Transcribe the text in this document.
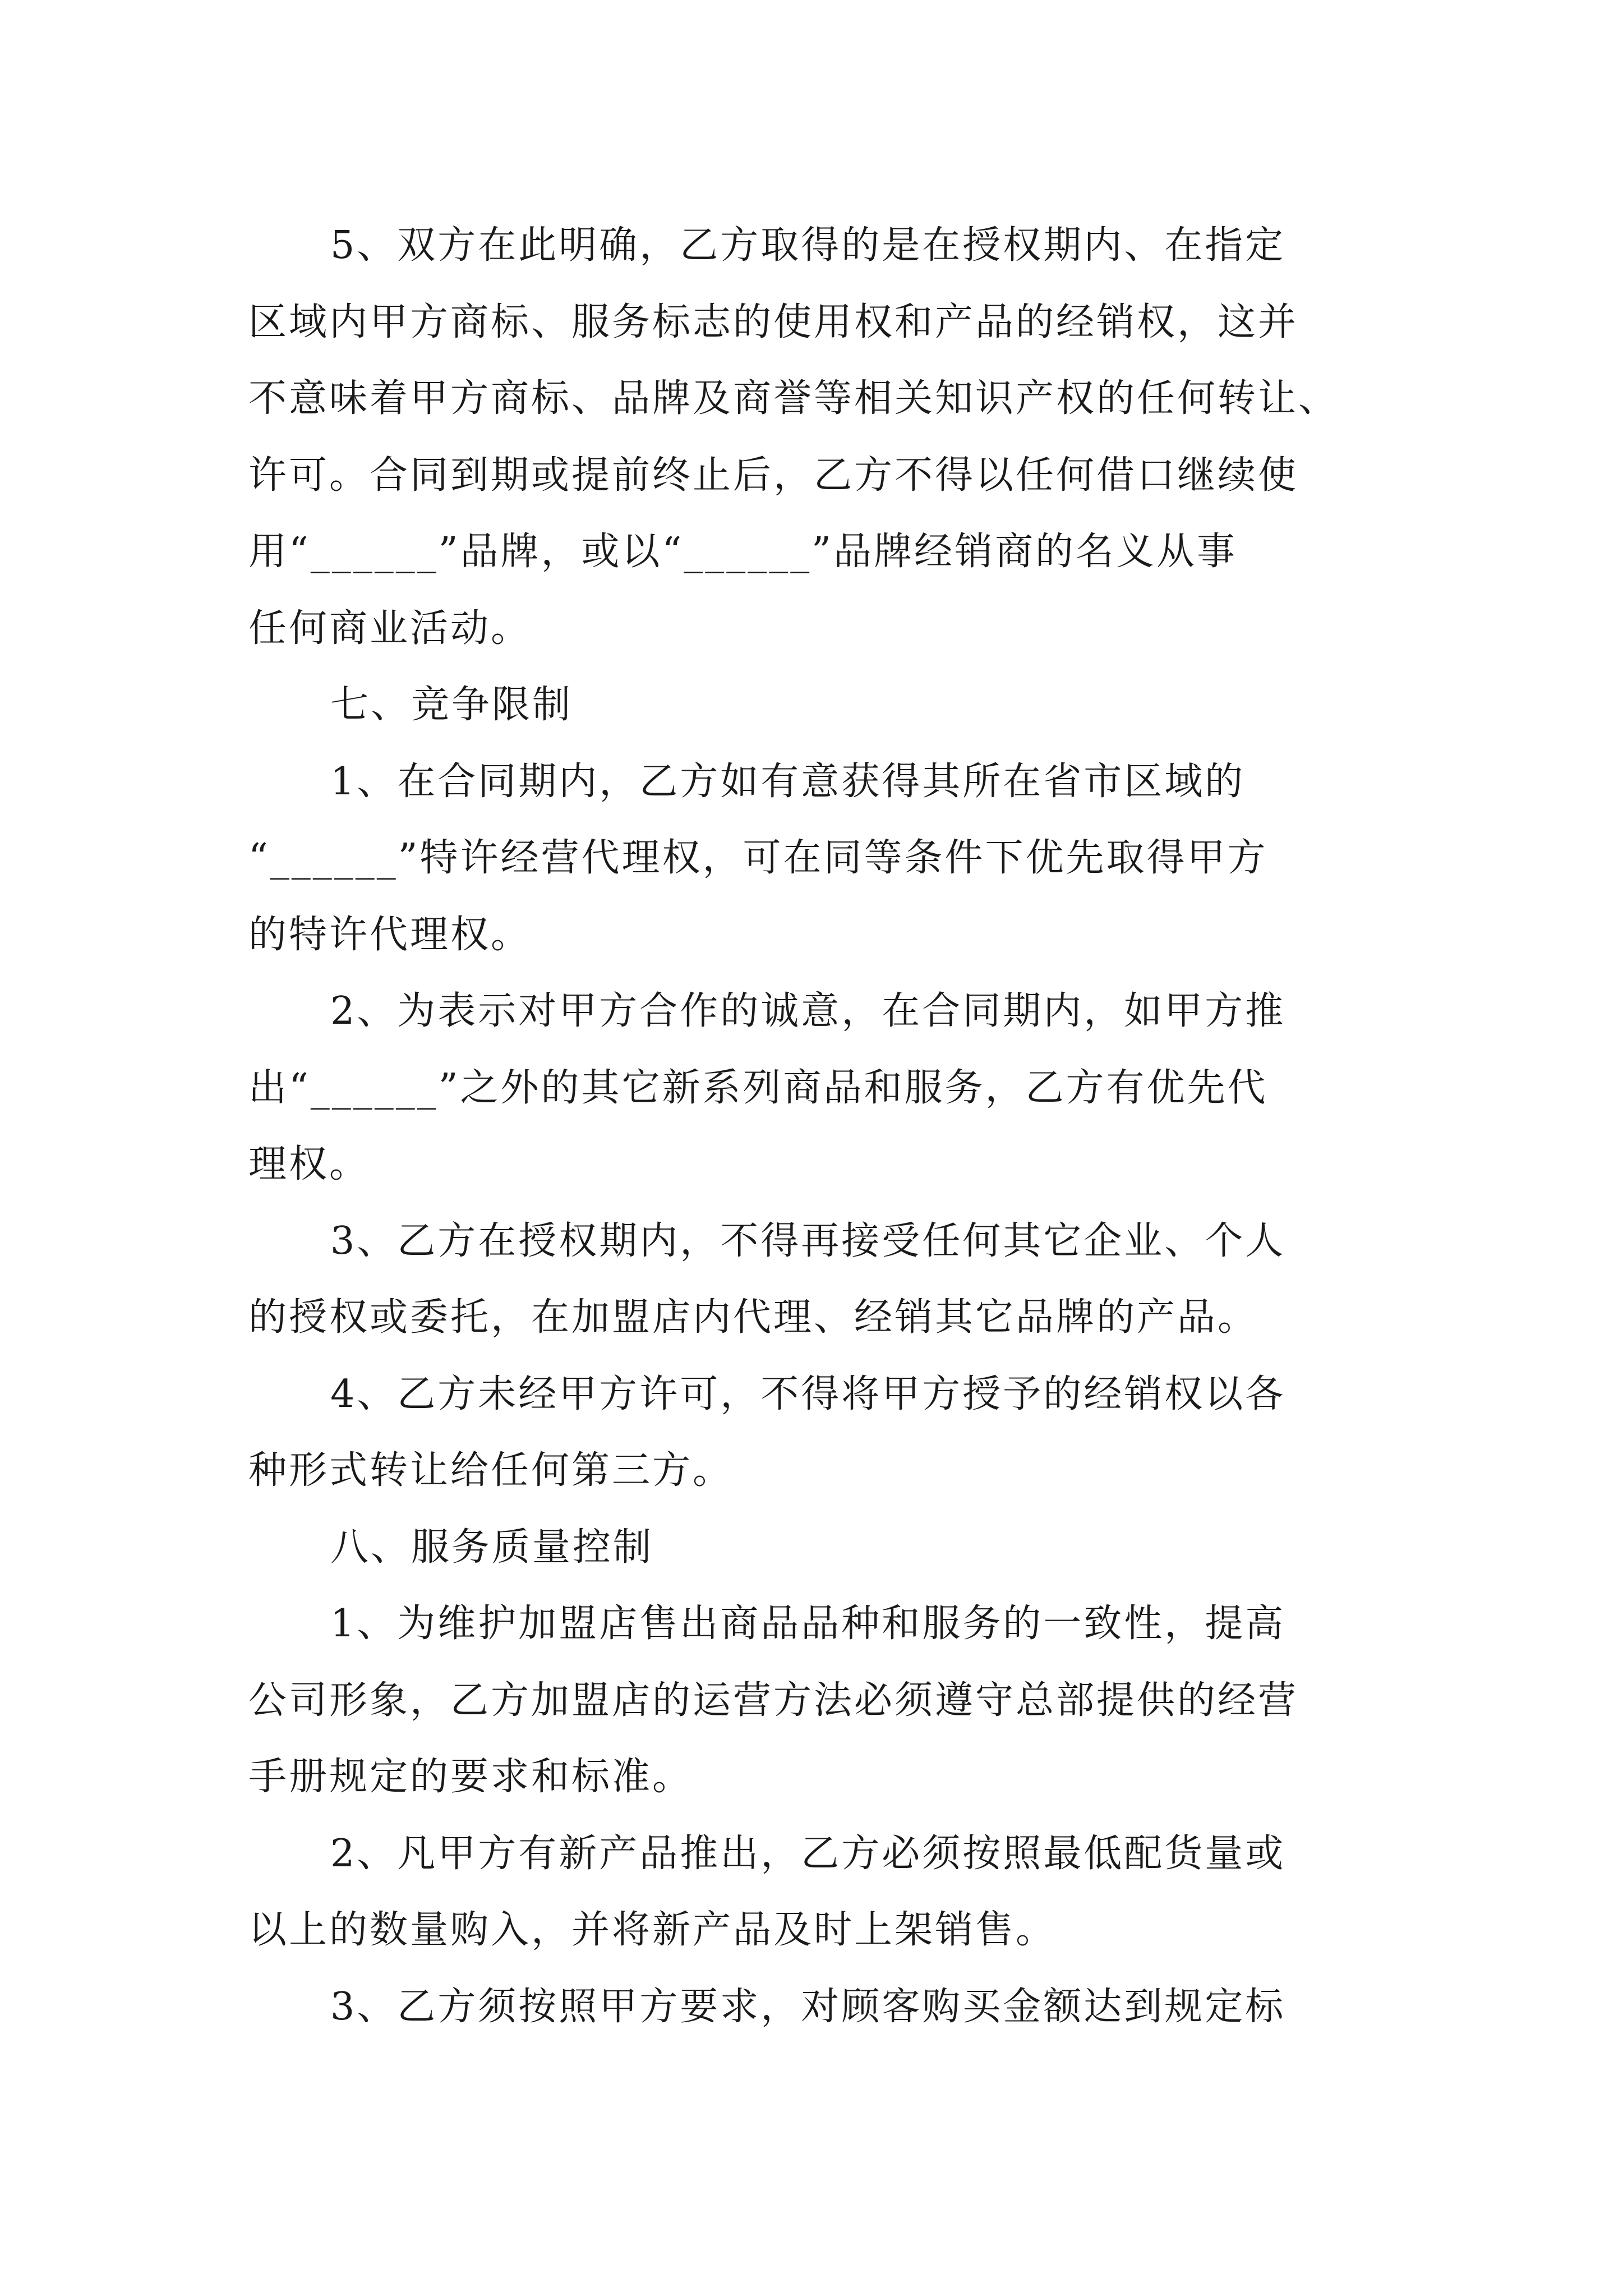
5、双方在此明确，乙方取得的是在授权期内、在指定
区域内甲方商标、服务标志的使用权和产品的经销权，这并
不意味着甲方商标、品牌及商誉等相关知识产权的任何转让、
许可。合同到期或提前终止后，乙方不得以任何借口继续使
用“______”品牌，或以“______”品牌经销商的名义从事
任何商业活动。
七、竞争限制
1、在合同期内，乙方如有意获得其所在省市区域的
“______”特许经营代理权，可在同等条件下优先取得甲方
的特许代理权。
2、为表示对甲方合作的诚意，在合同期内，如甲方推
出“______”之外的其它新系列商品和服务，乙方有优先代
理权。
3、乙方在授权期内，不得再接受任何其它企业、个人
的授权或委托，在加盟店内代理、经销其它品牌的产品。
4、乙方未经甲方许可，不得将甲方授予的经销权以各
种形式转让给任何第三方。
八、服务质量控制
1、为维护加盟店售出商品品种和服务的一致性，提高
公司形象，乙方加盟店的运营方法必须遵守总部提供的经营
手册规定的要求和标准。
2、凡甲方有新产品推出，乙方必须按照最低配货量或
以上的数量购入，并将新产品及时上架销售。
3、乙方须按照甲方要求，对顾客购买金额达到规定标
